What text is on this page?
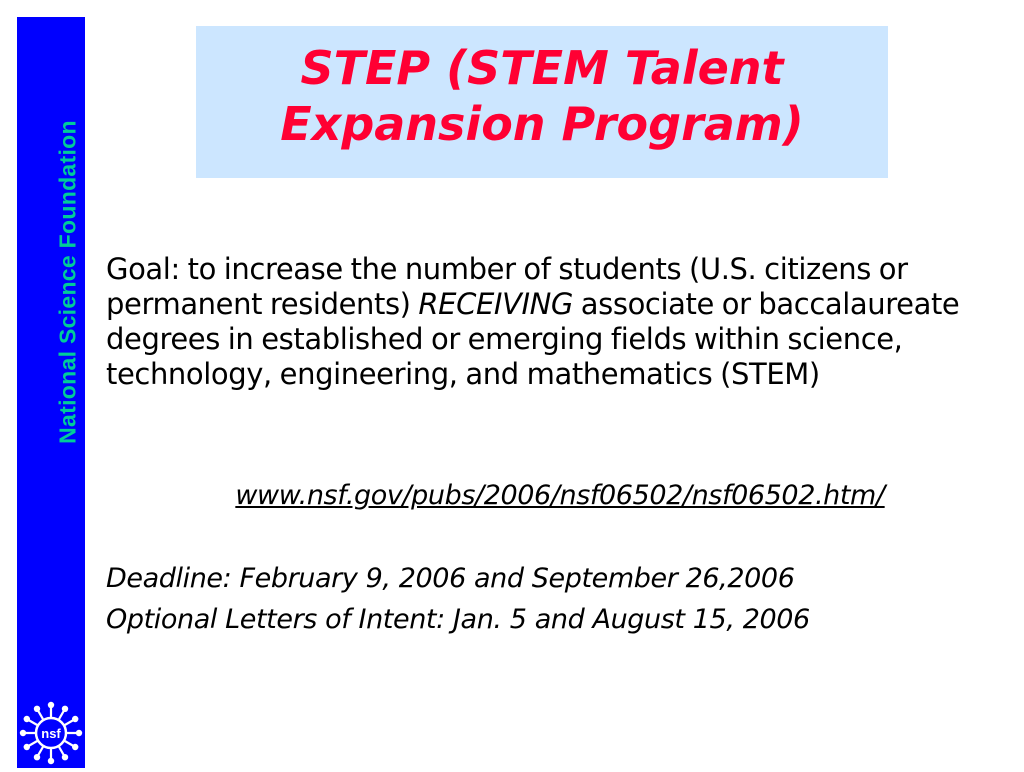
National Science Foundation
nsf
STEP (STEM Talent
Expansion Program)

Goal: to increase the number of students (U.S. citizens or permanent residents) RECEIVING associate or baccalaureate degrees in established or emerging fields within science, technology, engineering, and mathematics (STEM)

www.nsf.gov/pubs/2006/nsf06502/nsf06502.htm/
Deadline: February 9, 2006 and September 26,2006
Optional Letters of Intent: Jan. 5 and August 15, 2006
